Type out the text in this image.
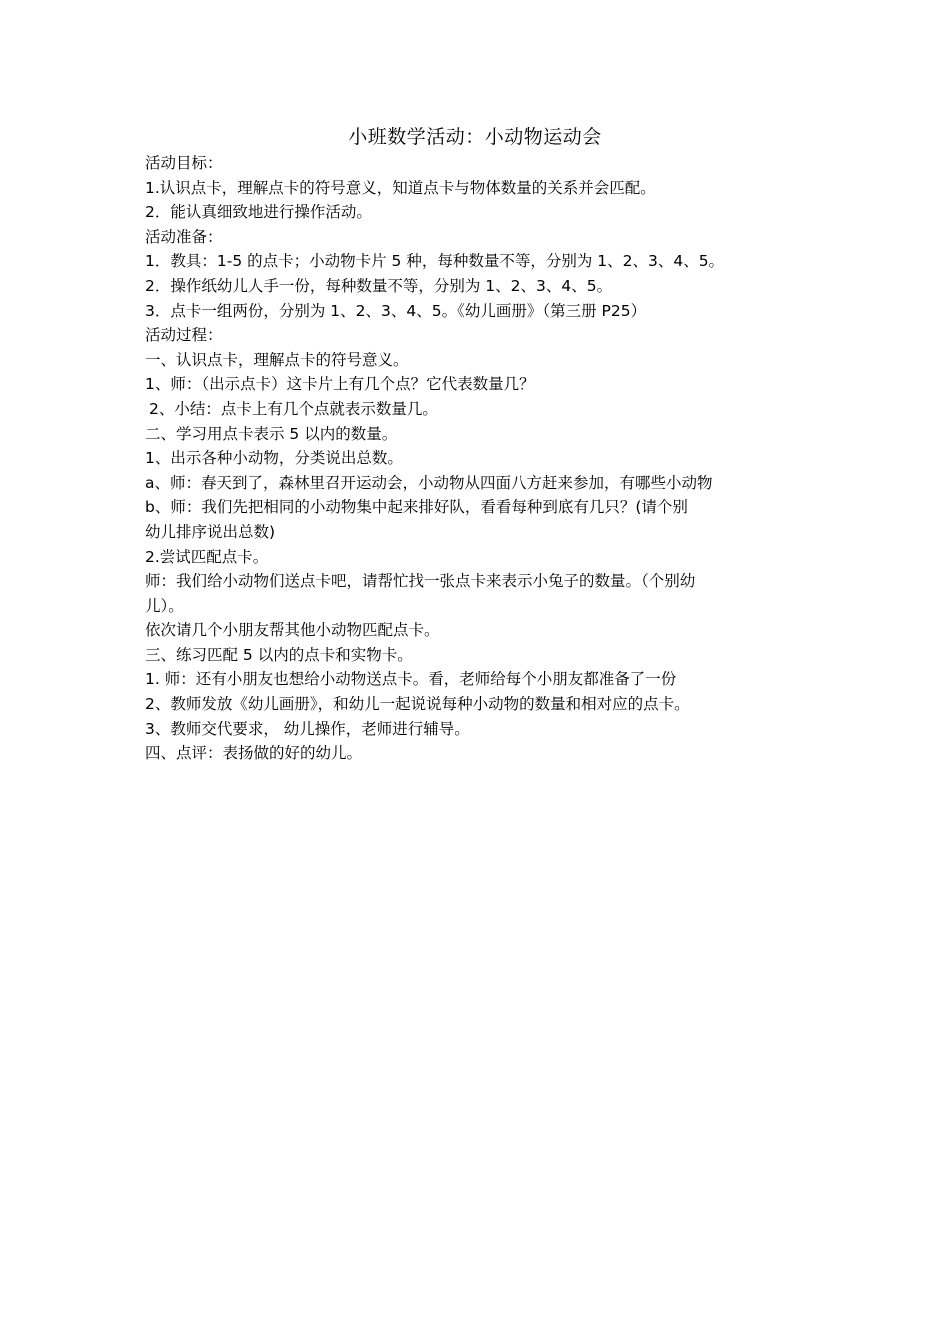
小班数学活动：小动物运动会
活动目标：
1.认识点卡，理解点卡的符号意义，知道点卡与物体数量的关系并会匹配。
2．能认真细致地进行操作活动。
活动准备：
1．教具：1-5 的点卡；小动物卡片 5 种，每种数量不等，分别为 1、2、3、4、5。
2．操作纸幼儿人手一份，每种数量不等，分别为 1、2、3、4、5。
3．点卡一组两份，分别为 1、2、3、4、5。《幼儿画册》（第三册 P25）
活动过程：
一、认识点卡，理解点卡的符号意义。
1、师：（出示点卡）这卡片上有几个点？它代表数量几？
2、小结：点卡上有几个点就表示数量几。
二、学习用点卡表示 5 以内的数量。
1、出示各种小动物，分类说出总数。
a、师：春天到了，森林里召开运动会，小动物从四面八方赶来参加，有哪些小动物
b、师：我们先把相同的小动物集中起来排好队，看看每种到底有几只？(请个别
幼儿排序说出总数)
2.尝试匹配点卡。
师：我们给小动物们送点卡吧，请帮忙找一张点卡来表示小兔子的数量。（个别幼
儿）。
依次请几个小朋友帮其他小动物匹配点卡。
三、练习匹配 5 以内的点卡和实物卡。
1. 师：还有小朋友也想给小动物送点卡。看，老师给每个小朋友都准备了一份
2、教师发放《幼儿画册》，和幼儿一起说说每种小动物的数量和相对应的点卡。
3、教师交代要求， 幼儿操作，老师进行辅导。
四、点评：表扬做的好的幼儿。
